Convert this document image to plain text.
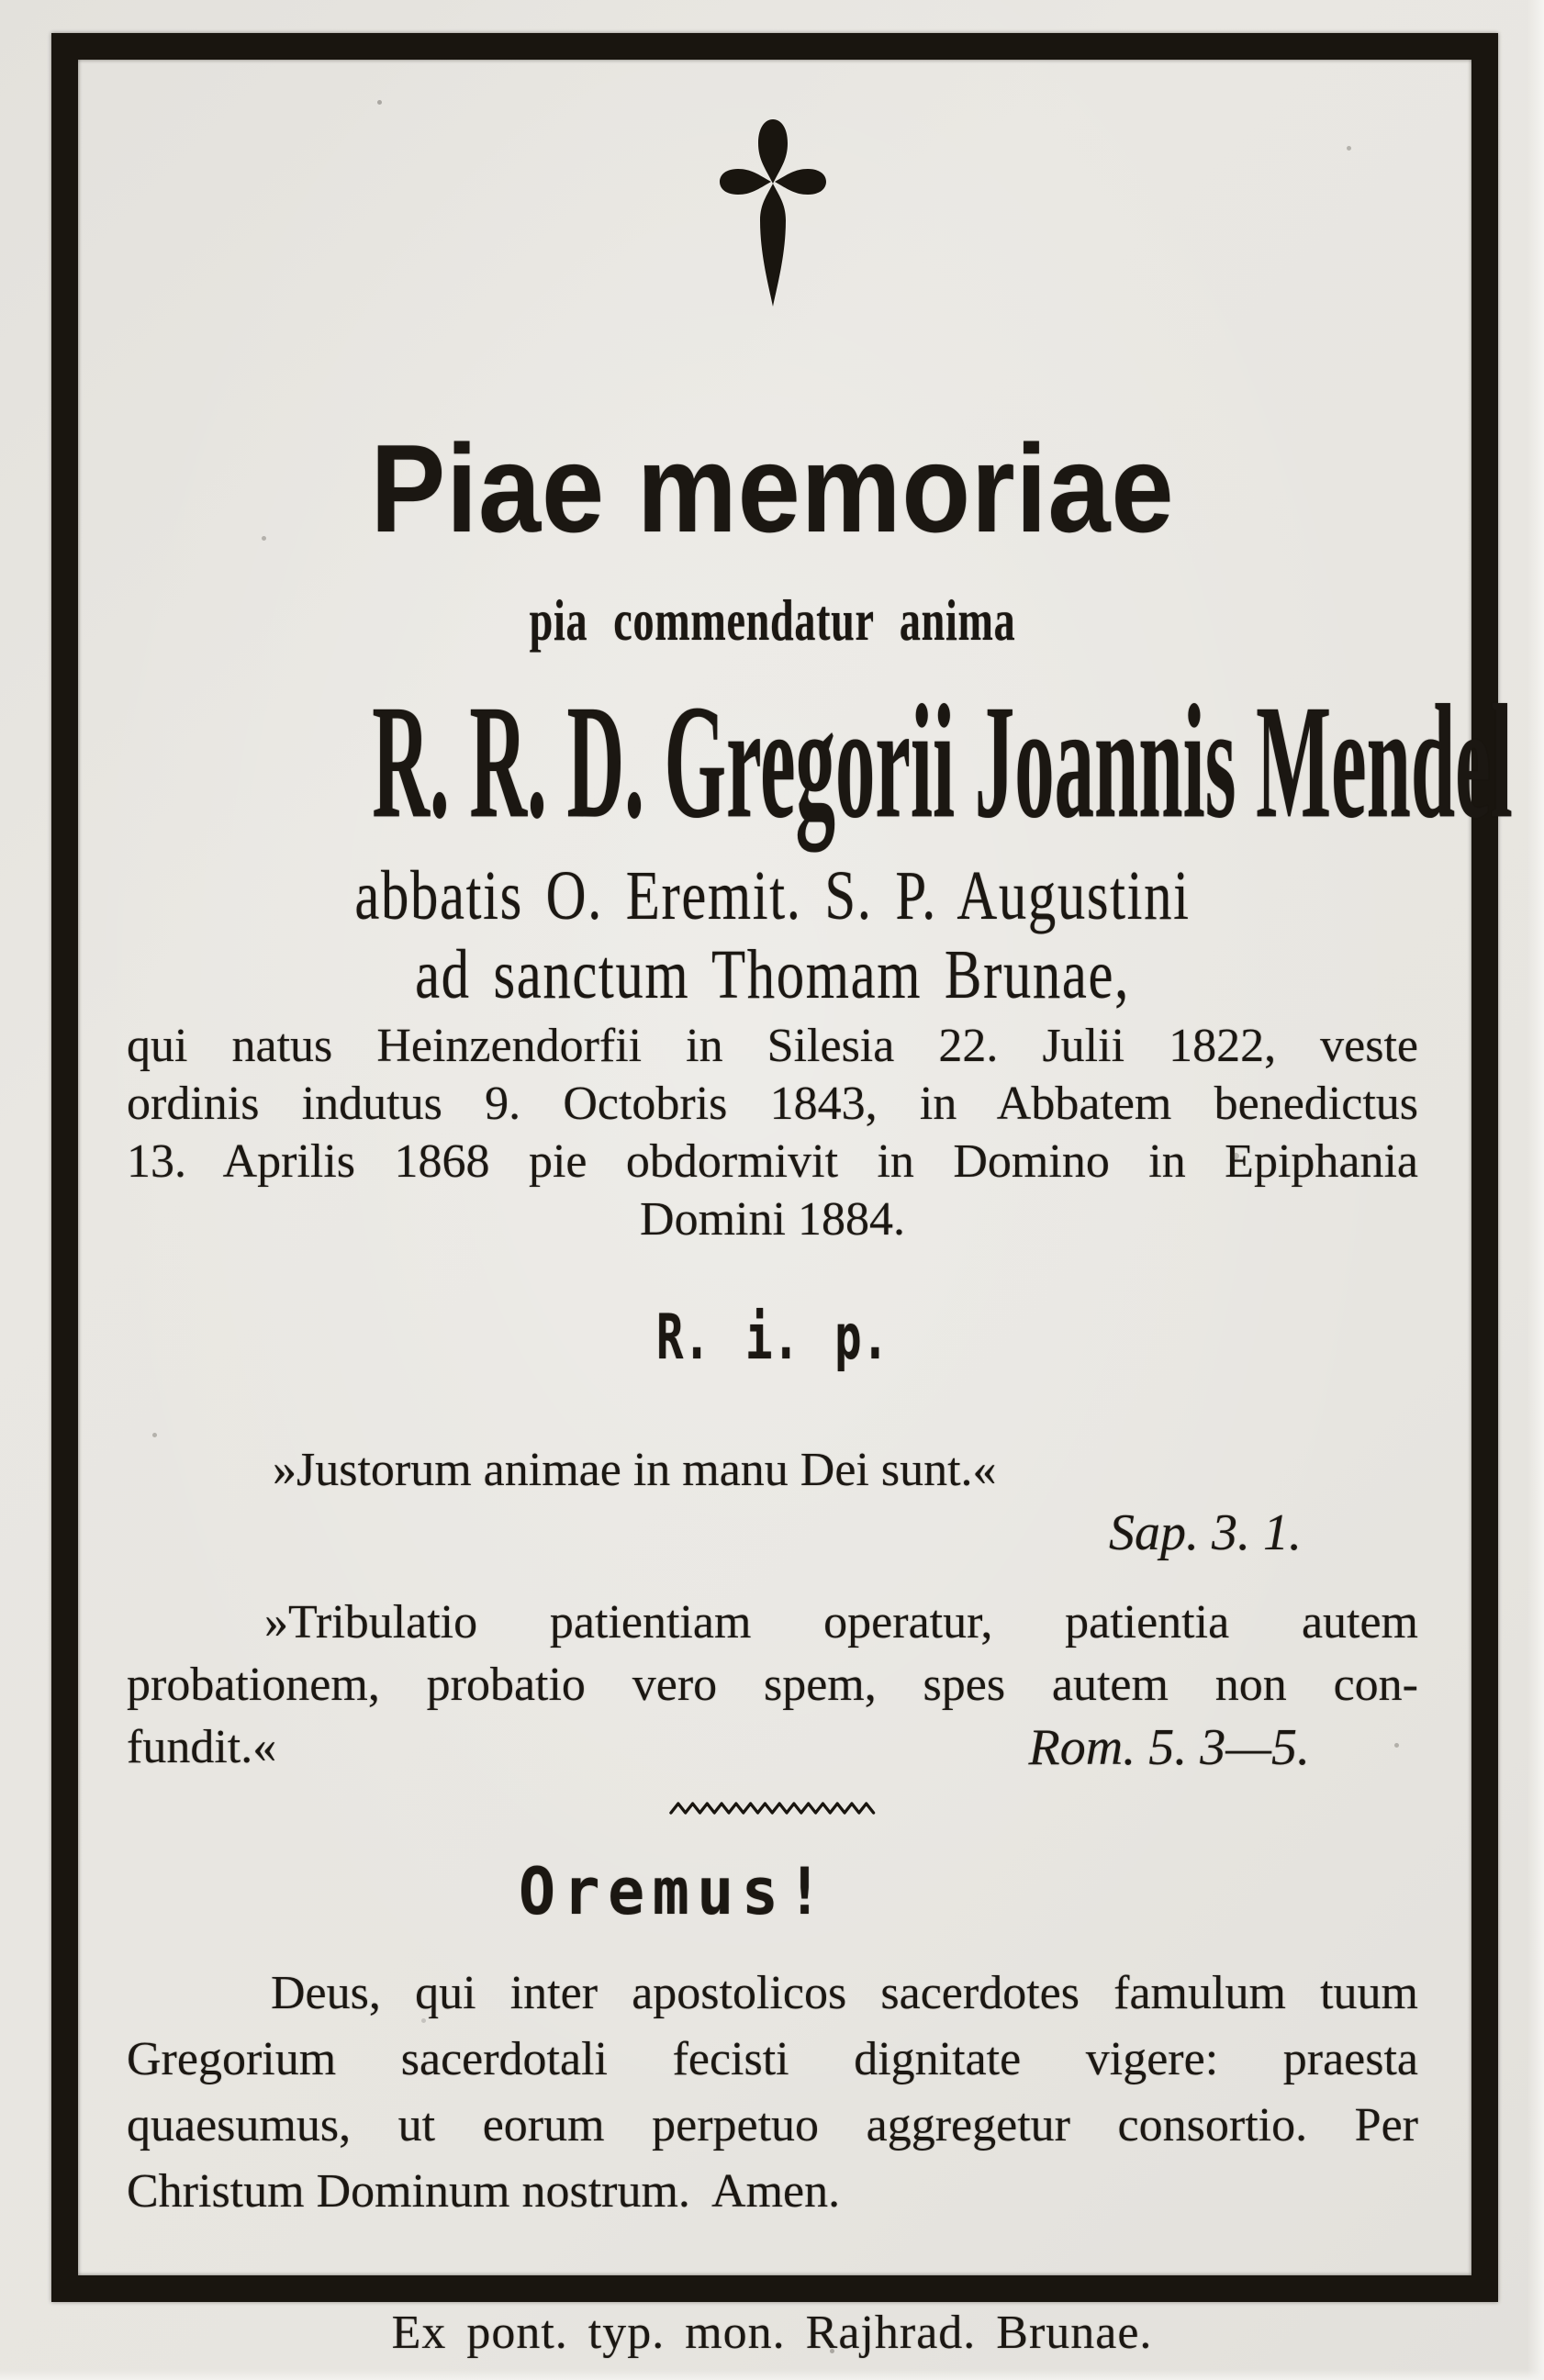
Piae memoriae
pia commendatur anima
R. R. D. Gregorii Joannis Mendel
abbatis O. Eremit. S. P. Augustini
ad sanctum Thomam Brunae,
qui natus Heinzendorfii in Silesia 22. Julii 1822, veste
ordinis indutus 9. Octobris 1843, in Abbatem benedictus
13. Aprilis 1868 pie obdormivit in Domino in Epiphania
Domini 1884.
R. i. p.
»Justorum animae in manu Dei sunt.«
Sap. 3. 1.
»Tribulatio patientiam operatur, patientia autem
probationem, probatio vero spem, spes autem non con-
fundit.«	Rom. 5. 3—5.
Oremus!
Deus, qui inter apostolicos sacerdotes famulum tuum
Gregorium sacerdotali fecisti dignitate vigere: praesta
quaesumus, ut eorum perpetuo aggregetur consortio. Per
Christum Dominum nostrum.  Amen.
Ex pont. typ. mon. Rajhrad. Brunae.
